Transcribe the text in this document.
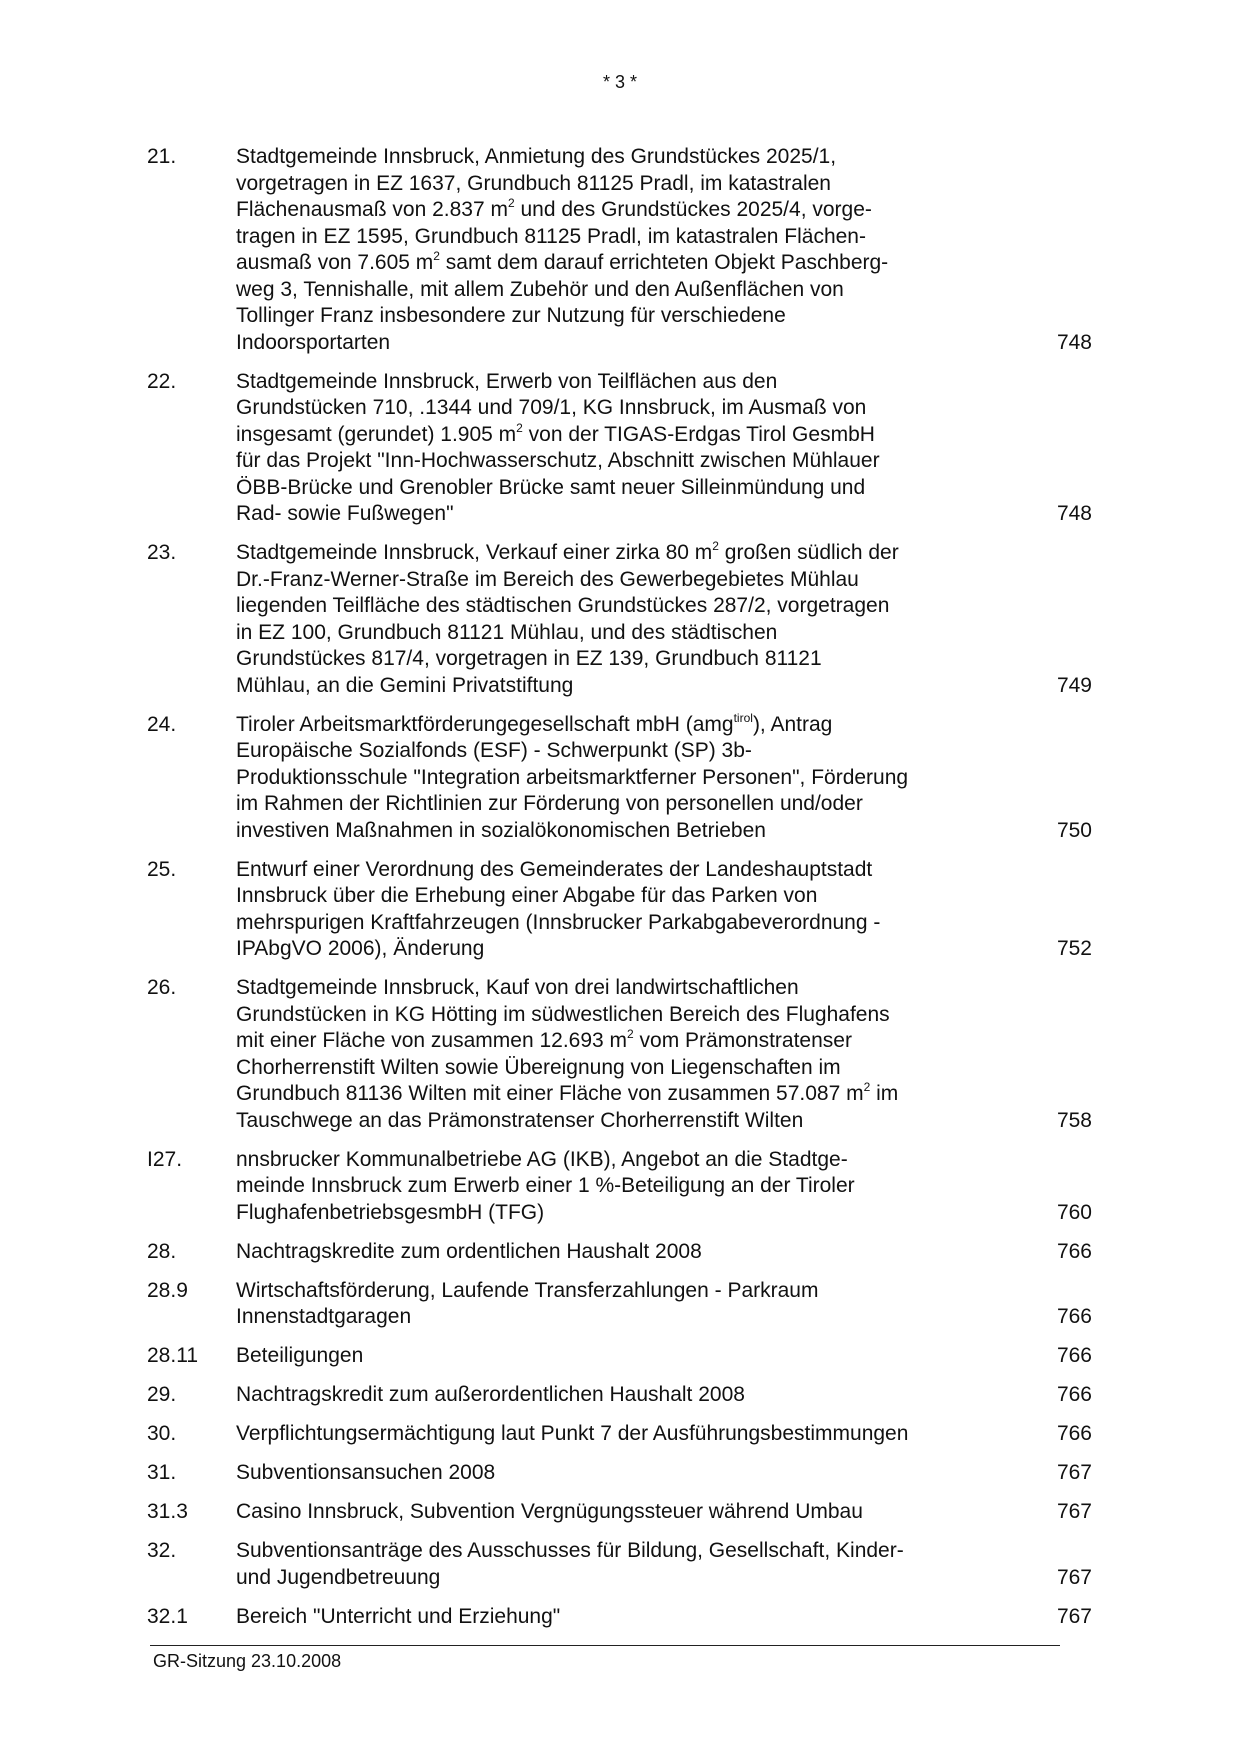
* 3 *
21.	Stadtgemeinde Innsbruck, Anmietung des Grundstückes 2025/1,
vorgetragen in EZ 1637, Grundbuch 81125 Pradl, im katastralen
Flächenausmaß von 2.837 $m^2$ und des Grundstückes 2025/4, vorge-
tragen in EZ 1595, Grundbuch 81125 Pradl, im katastralen Flächen-
ausmaß von 7.605 $m^2$ samt dem darauf errichteten Objekt Paschberg-
weg 3, Tennishalle, mit allem Zubehör und den Außenflächen von
Tollinger Franz insbesondere zur Nutzung für verschiedene
Indoorsportarten	748
22.	Stadtgemeinde Innsbruck, Erwerb von Teilflächen aus den
Grundstücken 710, .1344 und 709/1, KG Innsbruck, im Ausmaß von
insgesamt (gerundet) 1.905 $m^2$ von der TIGAS-Erdgas Tirol GesmbH
für das Projekt "Inn-Hochwasserschutz, Abschnitt zwischen Mühlauer
ÖBB-Brücke und Grenobler Brücke samt neuer Silleinmündung und
Rad- sowie Fußwegen"	748
23.	Stadtgemeinde Innsbruck, Verkauf einer zirka 80 $m^2$ großen südlich der
Dr.-Franz-Werner-Straße im Bereich des Gewerbegebietes Mühlau
liegenden Teilfläche des städtischen Grundstückes 287/2, vorgetragen
in EZ 100, Grundbuch 81121 Mühlau, und des städtischen
Grundstückes 817/4, vorgetragen in EZ 139, Grundbuch 81121
Mühlau, an die Gemini Privatstiftung	749
24.	Tiroler Arbeitsmarktförderungegesellschaft mbH (amg$^{tirol}$), Antrag
Europäische Sozialfonds (ESF) - Schwerpunkt (SP) 3b-
Produktionsschule "Integration arbeitsmarktferner Personen", Förderung
im Rahmen der Richtlinien zur Förderung von personellen und/oder
investiven Maßnahmen in sozialökonomischen Betrieben	750
25.	Entwurf einer Verordnung des Gemeinderates der Landeshauptstadt
Innsbruck über die Erhebung einer Abgabe für das Parken von
mehrspurigen Kraftfahrzeugen (Innsbrucker Parkabgabeverordnung -
IPAbgVO 2006), Änderung	752
26.	Stadtgemeinde Innsbruck, Kauf von drei landwirtschaftlichen
Grundstücken in KG Hötting im südwestlichen Bereich des Flughafens
mit einer Fläche von zusammen 12.693 $m^2$ vom Prämonstratenser
Chorherrenstift Wilten sowie Übereignung von Liegenschaften im
Grundbuch 81136 Wilten mit einer Fläche von zusammen 57.087 $m^2$ im
Tauschwege an das Prämonstratenser Chorherrenstift Wilten	758
I27.	nnsbrucker Kommunalbetriebe AG (IKB), Angebot an die Stadtge-
meinde Innsbruck zum Erwerb einer 1 %-Beteiligung an der Tiroler
FlughafenbetriebsgesmbH (TFG)	760
28.	Nachtragskredite zum ordentlichen Haushalt 2008	766
28.9	Wirtschaftsförderung, Laufende Transferzahlungen - Parkraum
Innenstadtgaragen	766
28.11	Beteiligungen	766
29.	Nachtragskredit zum außerordentlichen Haushalt 2008	766
30.	Verpflichtungsermächtigung laut Punkt 7 der Ausführungsbestimmungen	766
31.	Subventionsansuchen 2008	767
31.3	Casino Innsbruck, Subvention Vergnügungssteuer während Umbau	767
32.	Subventionsanträge des Ausschusses für Bildung, Gesellschaft, Kinder-
und Jugendbetreuung	767
32.1	Bereich "Unterricht und Erziehung"	767
GR-Sitzung 23.10.2008
